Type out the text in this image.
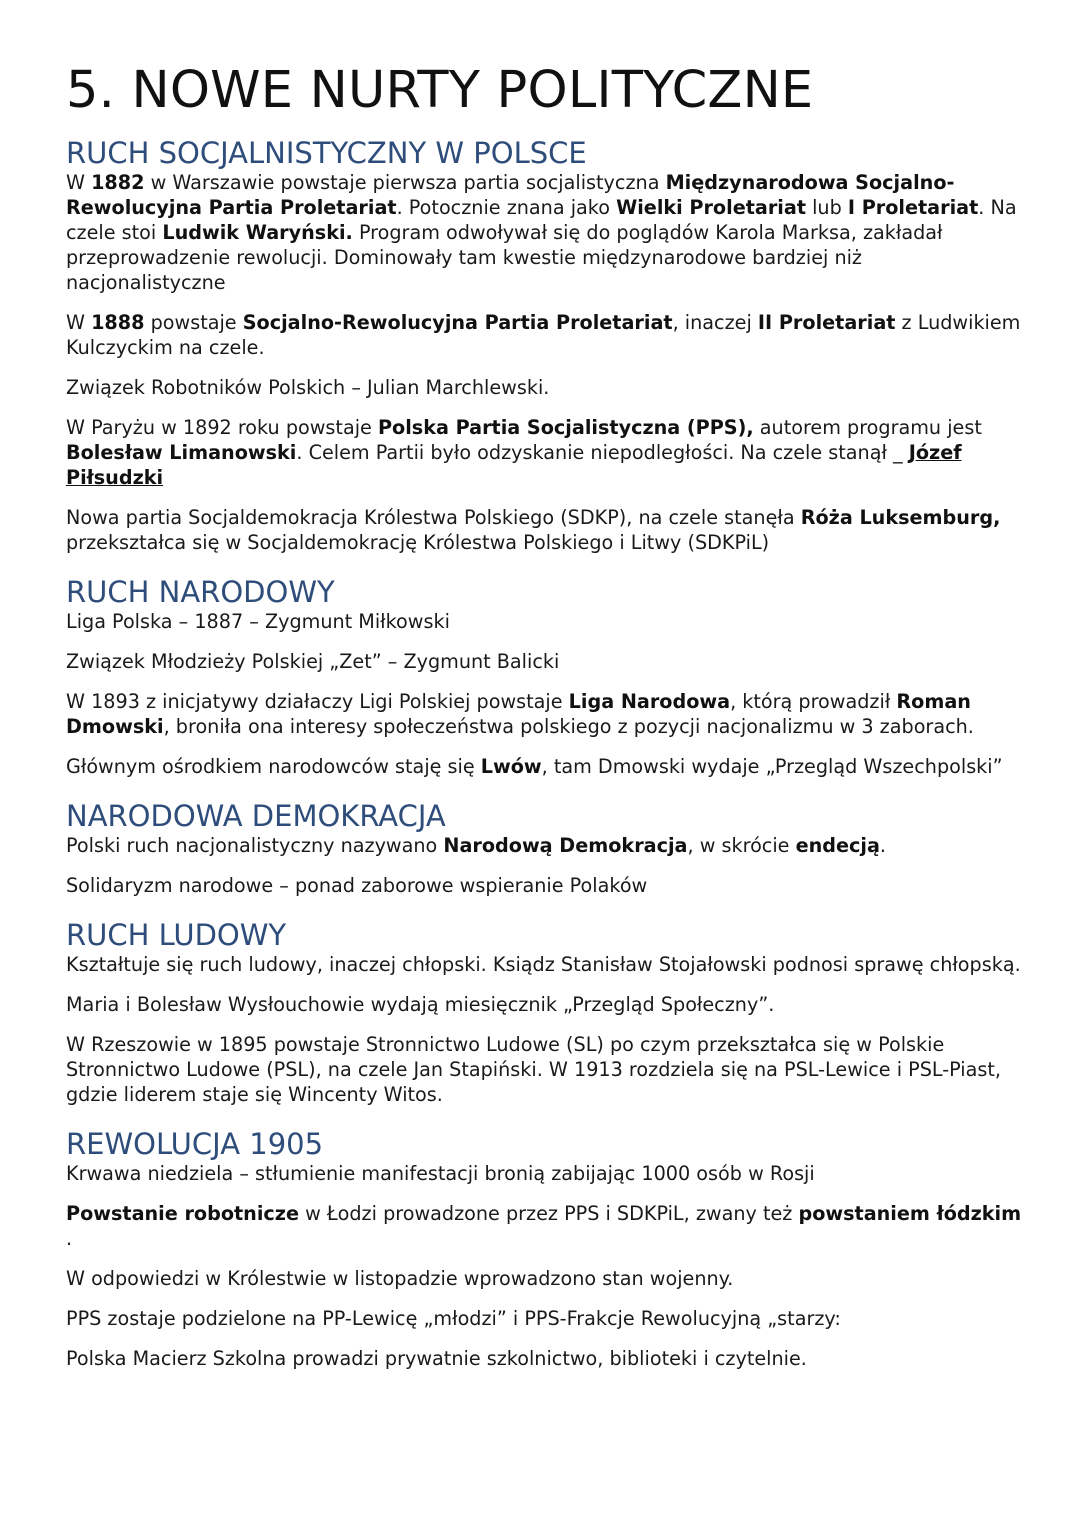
5. NOWE NURTY POLITYCZNE
RUCH SOCJALNISTYCZNY W POLSCE

W 1882 w Warszawie powstaje pierwsza partia socjalistyczna Międzynarodowa Socjalno-Rewolucyjna Partia Proletariat. Potocznie znana jako Wielki Proletariat lub I Proletariat. Na czele stoi Ludwik Waryński. Program odwoływał się do poglądów Karola Marksa, zakładał przeprowadzenie rewolucji. Dominowały tam kwestie międzynarodowe bardziej niż nacjonalistyczne

W 1888 powstaje Socjalno-Rewolucyjna Partia Proletariat, inaczej II Proletariat z Ludwikiem Kulczyckim na czele.

Związek Robotników Polskich – Julian Marchlewski.

W Paryżu w 1892 roku powstaje Polska Partia Socjalistyczna (PPS), autorem programu jest Bolesław Limanowski. Celem Partii było odzyskanie niepodległości. Na czele stanął _ Józef Piłsudzki

Nowa partia Socjaldemokracja Królestwa Polskiego (SDKP), na czele stanęła Róża Luksemburg, przekształca się w Socjaldemokrację Królestwa Polskiego i Litwy (SDKPiL)

RUCH NARODOWY

Liga Polska – 1887 – Zygmunt Miłkowski

Związek Młodzieży Polskiej „Zet” – Zygmunt Balicki

W 1893 z inicjatywy działaczy Ligi Polskiej powstaje Liga Narodowa, którą prowadził Roman Dmowski, broniła ona interesy społeczeństwa polskiego z pozycji nacjonalizmu w 3 zaborach.

Głównym ośrodkiem narodowców staję się Lwów, tam Dmowski wydaje „Przegląd Wszechpolski”

NARODOWA DEMOKRACJA

Polski ruch nacjonalistyczny nazywano Narodową Demokracja, w skrócie endecją.

Solidaryzm narodowe – ponad zaborowe wspieranie Polaków

RUCH LUDOWY

Kształtuje się ruch ludowy, inaczej chłopski. Ksiądz Stanisław Stojałowski podnosi sprawę chłopską.

Maria i Bolesław Wysłouchowie wydają miesięcznik „Przegląd Społeczny”.

W Rzeszowie w 1895 powstaje Stronnictwo Ludowe (SL) po czym przekształca się w Polskie Stronnictwo Ludowe (PSL), na czele Jan Stapiński. W 1913 rozdziela się na PSL-Lewice i PSL-Piast, gdzie liderem staje się Wincenty Witos.

REWOLUCJA 1905

Krwawa niedziela – stłumienie manifestacji bronią zabijając 1000 osób w Rosji

Powstanie robotnicze w Łodzi prowadzone przez PPS i SDKPiL, zwany też powstaniem łódzkim .

W odpowiedzi w Królestwie w listopadzie wprowadzono stan wojenny.

PPS zostaje podzielone na PP-Lewicę „młodzi” i PPS-Frakcje Rewolucyjną „starzy:

Polska Macierz Szkolna prowadzi prywatnie szkolnictwo, biblioteki i czytelnie.
